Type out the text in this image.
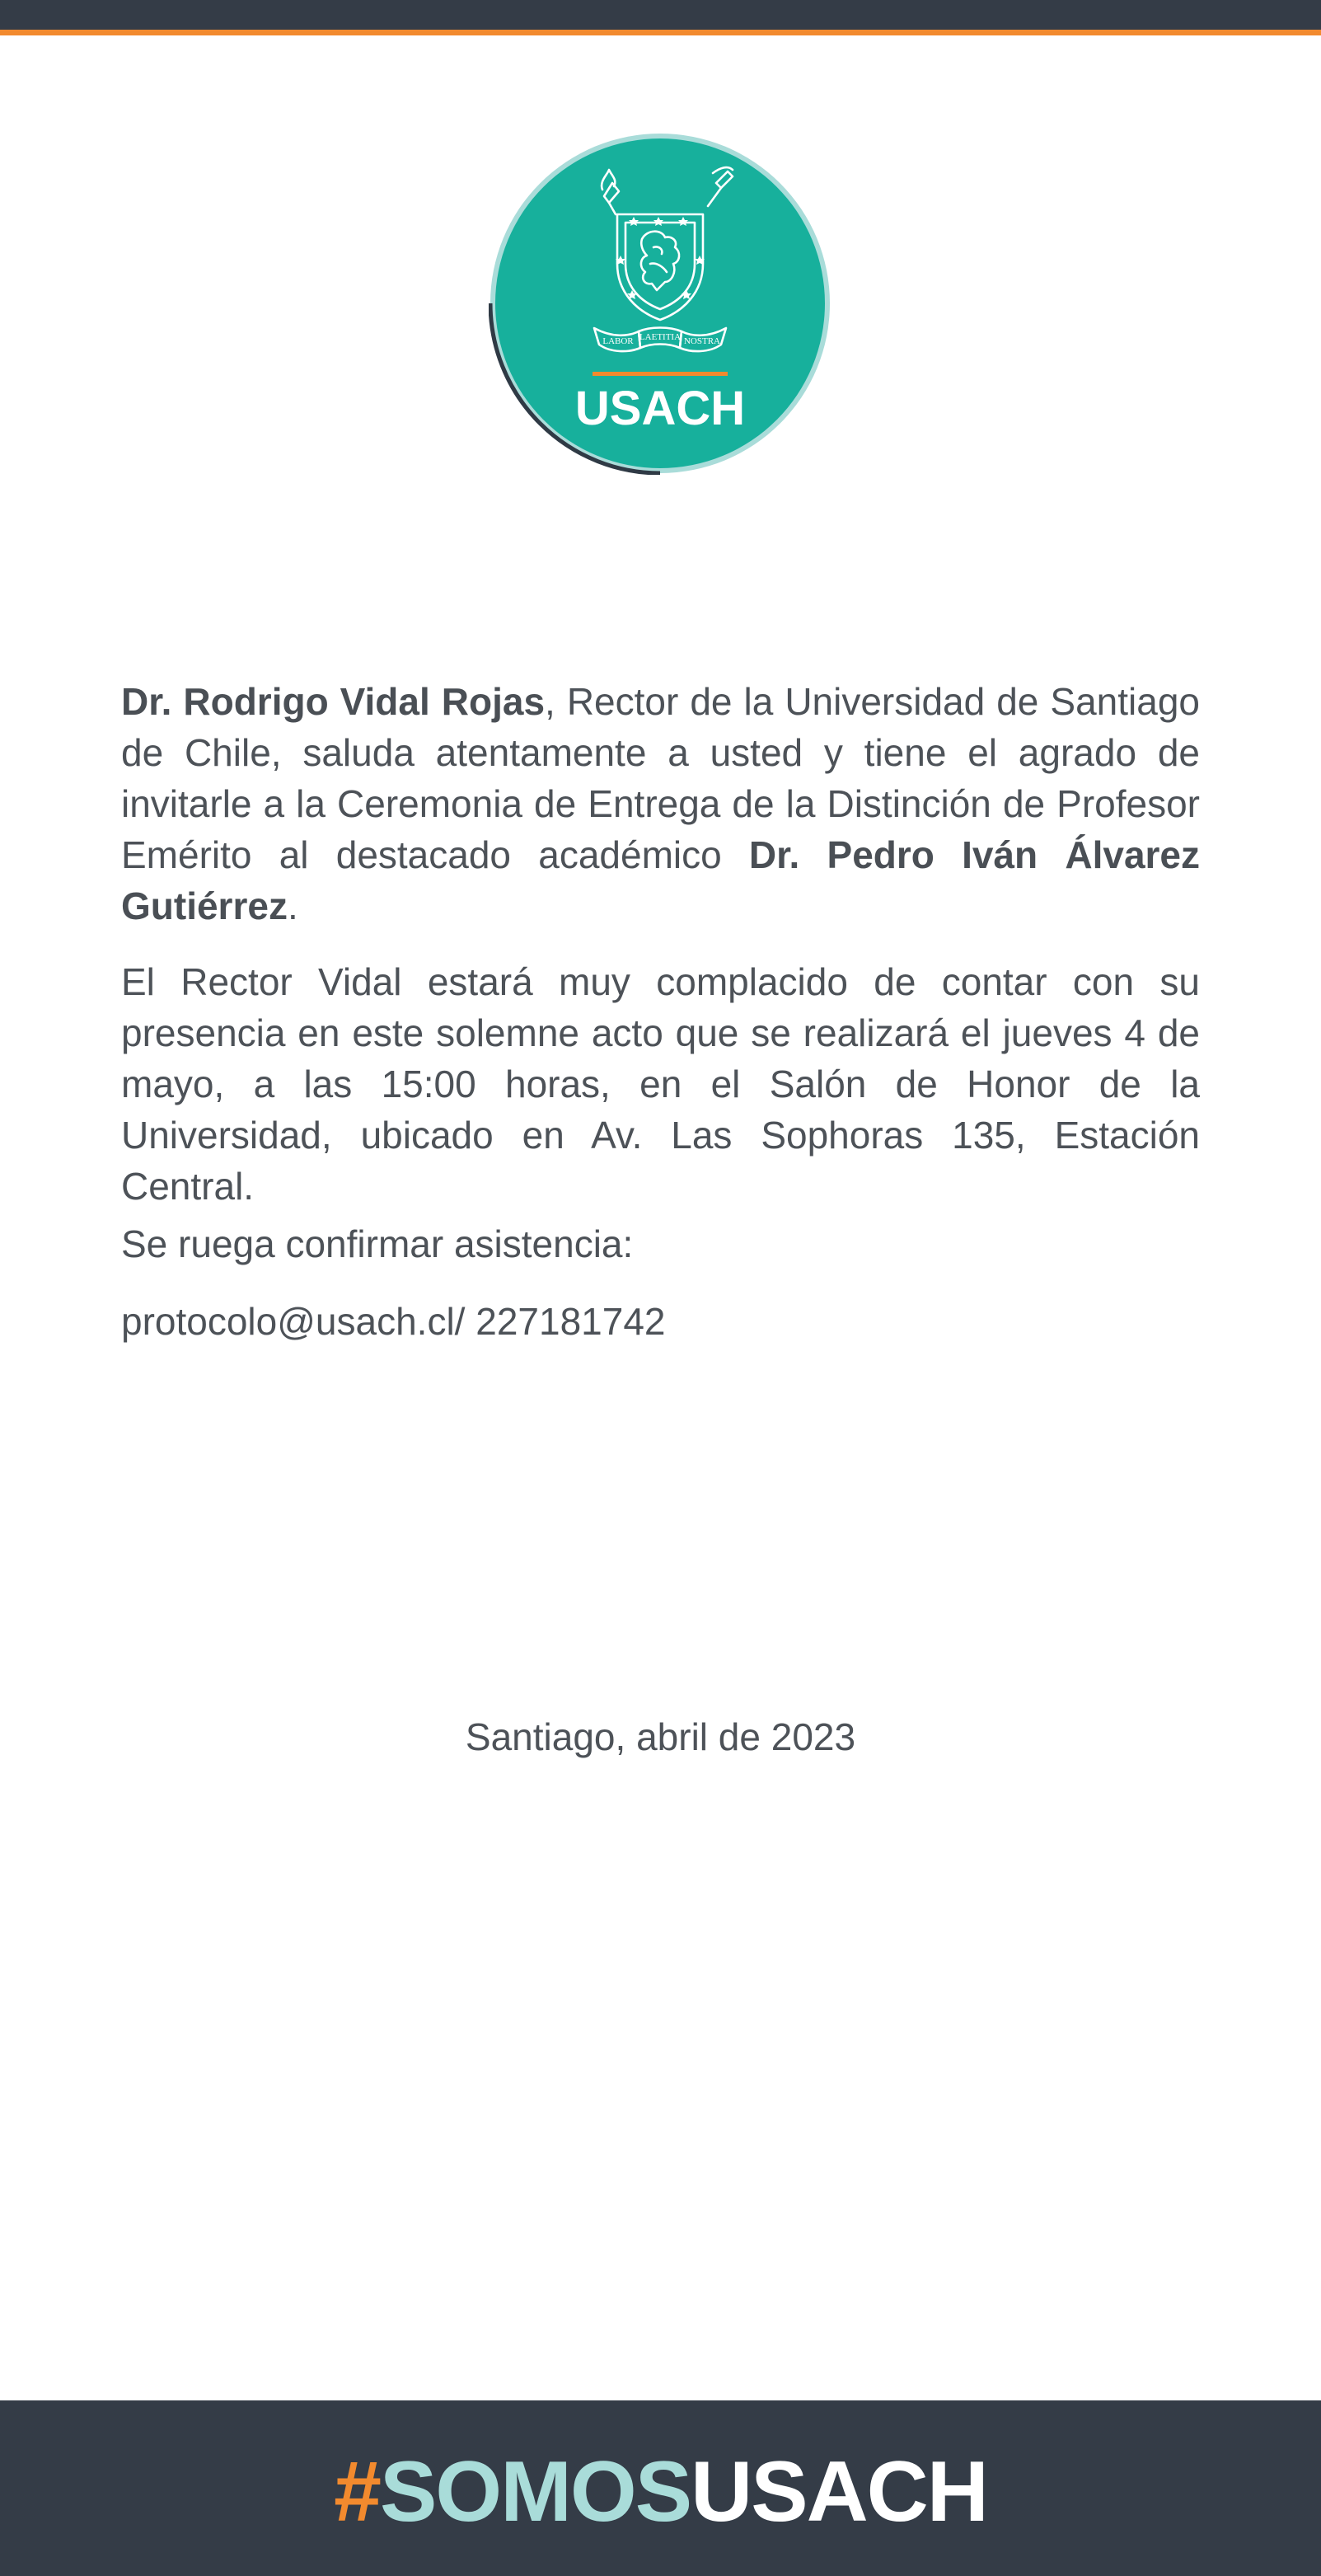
LABOR LAETITIA NOSTRA
USACH

Dr. Rodrigo Vidal Rojas, Rector de la Universidad de Santiago de Chile, saluda atentamente a usted y tiene el agrado de invitarle a la Ceremonia de Entrega de la Distinción de Profesor Emérito al destacado académico Dr. Pedro Iván Álvarez Gutiérrez.

El Rector Vidal estará muy complacido de contar con su presencia en este solemne acto que se realizará el jueves 4 de mayo, a las 15:00 horas, en el Salón de Honor de la Universidad, ubicado en Av. Las Sophoras 135, Estación Central.

Se ruega confirmar asistencia:
protocolo@usach.cl/ 227181742
Santiago, abril de 2023
#SOMOSUSACH
